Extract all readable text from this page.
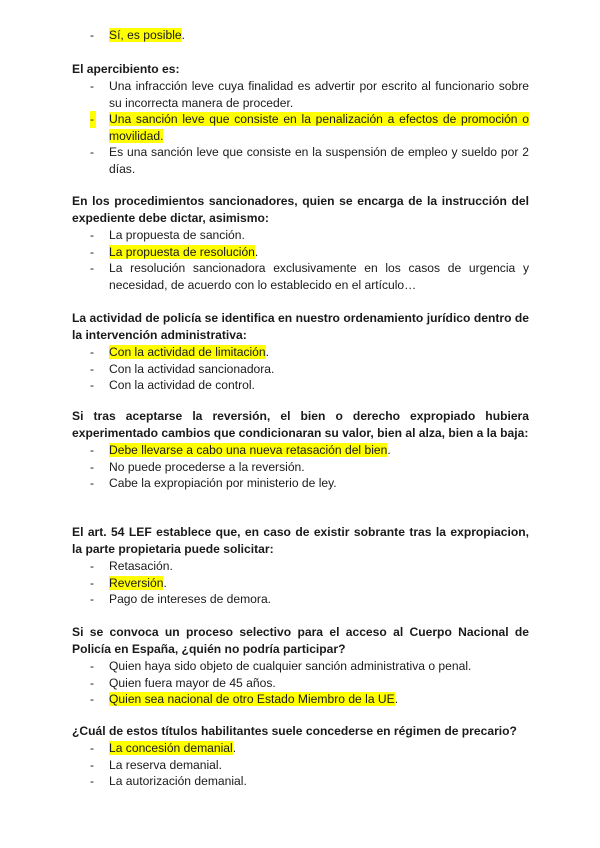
- Sí, es posible.

El apercibiento es:

- Una infracción leve cuya finalidad es advertir por escrito al funcionario sobre su incorrecta manera de proceder.
- Una sanción leve que consiste en la penalización a efectos de promoción o movilidad.
- Es una sanción leve que consiste en la suspensión de empleo y sueldo por 2 días.

En los procedimientos sancionadores, quien se encarga de la instrucción del expediente debe dictar, asimismo:

- La propuesta de sanción.
- La propuesta de resolución.
- La resolución sancionadora exclusivamente en los casos de urgencia y necesidad, de acuerdo con lo establecido en el artículo…

La actividad de policía se identifica en nuestro ordenamiento jurídico dentro de la intervención administrativa:

- Con la actividad de limitación.
- Con la actividad sancionadora.
- Con la actividad de control.

Si tras aceptarse la reversión, el bien o derecho expropiado hubiera experimentado cambios que condicionaran su valor, bien al alza, bien a la baja:

- Debe llevarse a cabo una nueva retasación del bien.
- No puede procederse a la reversión.
- Cabe la expropiación por ministerio de ley.

El art. 54 LEF establece que, en caso de existir sobrante tras la expropiacion, la parte propietaria puede solicitar:

- Retasación.
- Reversión.
- Pago de intereses de demora.

Si se convoca un proceso selectivo para el acceso al Cuerpo Nacional de Policía en España, ¿quién no podría participar?

- Quien haya sido objeto de cualquier sanción administrativa o penal.
- Quien fuera mayor de 45 años.
- Quien sea nacional de otro Estado Miembro de la UE.

¿Cuál de estos títulos habilitantes suele concederse en régimen de precario?

- La concesión demanial.
- La reserva demanial.
- La autorización demanial.
